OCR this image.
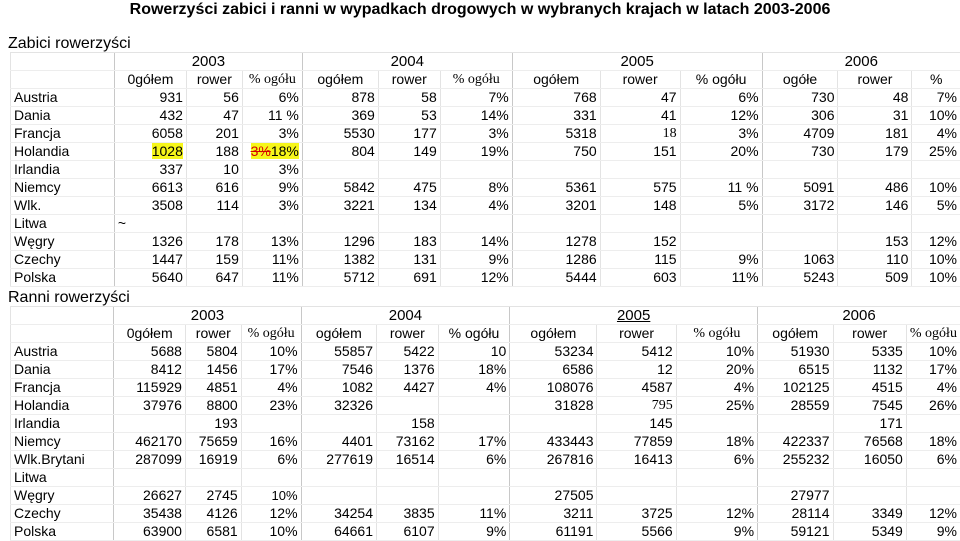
Rowerzyści zabici i ranni w wypadkach drogowych w wybranych krajach w latach 2003-2006
Zabici rowerzyści
	2003			2004			2005			2006		
	0gółem	rower	% ogółu	ogółem	rower	% ogółu	ogółem	rower	% ogółu	ogółe	rower	%
Austria	931	56	6%	878	58	7%	768	47	6%	730	48	7%
Dania	432	47	11 %	369	53	14%	331	41	12%	306	31	10%
Francja	6058	201	3%	5530	177	3%	5318	18	3%	4709	181	4%
Holandia	1028	188	3%18%	804	149	19%	750	151	20%	730	179	25%
Irlandia	337	10	3%									
Niemcy	6613	616	9%	5842	475	8%	5361	575	11 %	5091	486	10%
Wlk.	3508	114	3%	3221	134	4%	3201	148	5%	3172	146	5%
Litwa	~											
Węgry	1326	178	13%	1296	183	14%	1278	152			153	12%
Czechy	1447	159	11%	1382	131	9%	1286	115	9%	1063	110	10%
Polska	5640	647	11%	5712	691	12%	5444	603	11%	5243	509	10%
Ranni rowerzyści
	2003			2004			2005			2006		
	0gółem	rower	% ogółu	ogółem	rower	% ogółu	ogółem	rower	% ogółu	ogółem	rower	% ogółu
Austria	5688	5804	10%	55857	5422	10	53234	5412	10%	51930	5335	10%
Dania	8412	1456	17%	7546	1376	18%	6586	12	20%	6515	1132	17%
Francja	115929	4851	4%	1082	4427	4%	108076	4587	4%	102125	4515	4%
Holandia	37976	8800	23%	32326			31828	795	25%	28559	7545	26%
Irlandia		193			158			145			171	
Niemcy	462170	75659	16%	4401	73162	17%	433443	77859	18%	422337	76568	18%
Wlk.Brytani	287099	16919	6%	277619	16514	6%	267816	16413	6%	255232	16050	6%
Litwa												
Węgry	26627	2745	10%				27505			27977		
Czechy	35438	4126	12%	34254	3835	11%	3211	3725	12%	28114	3349	12%
Polska	63900	6581	10%	64661	6107	9%	61191	5566	9%	59121	5349	9%
